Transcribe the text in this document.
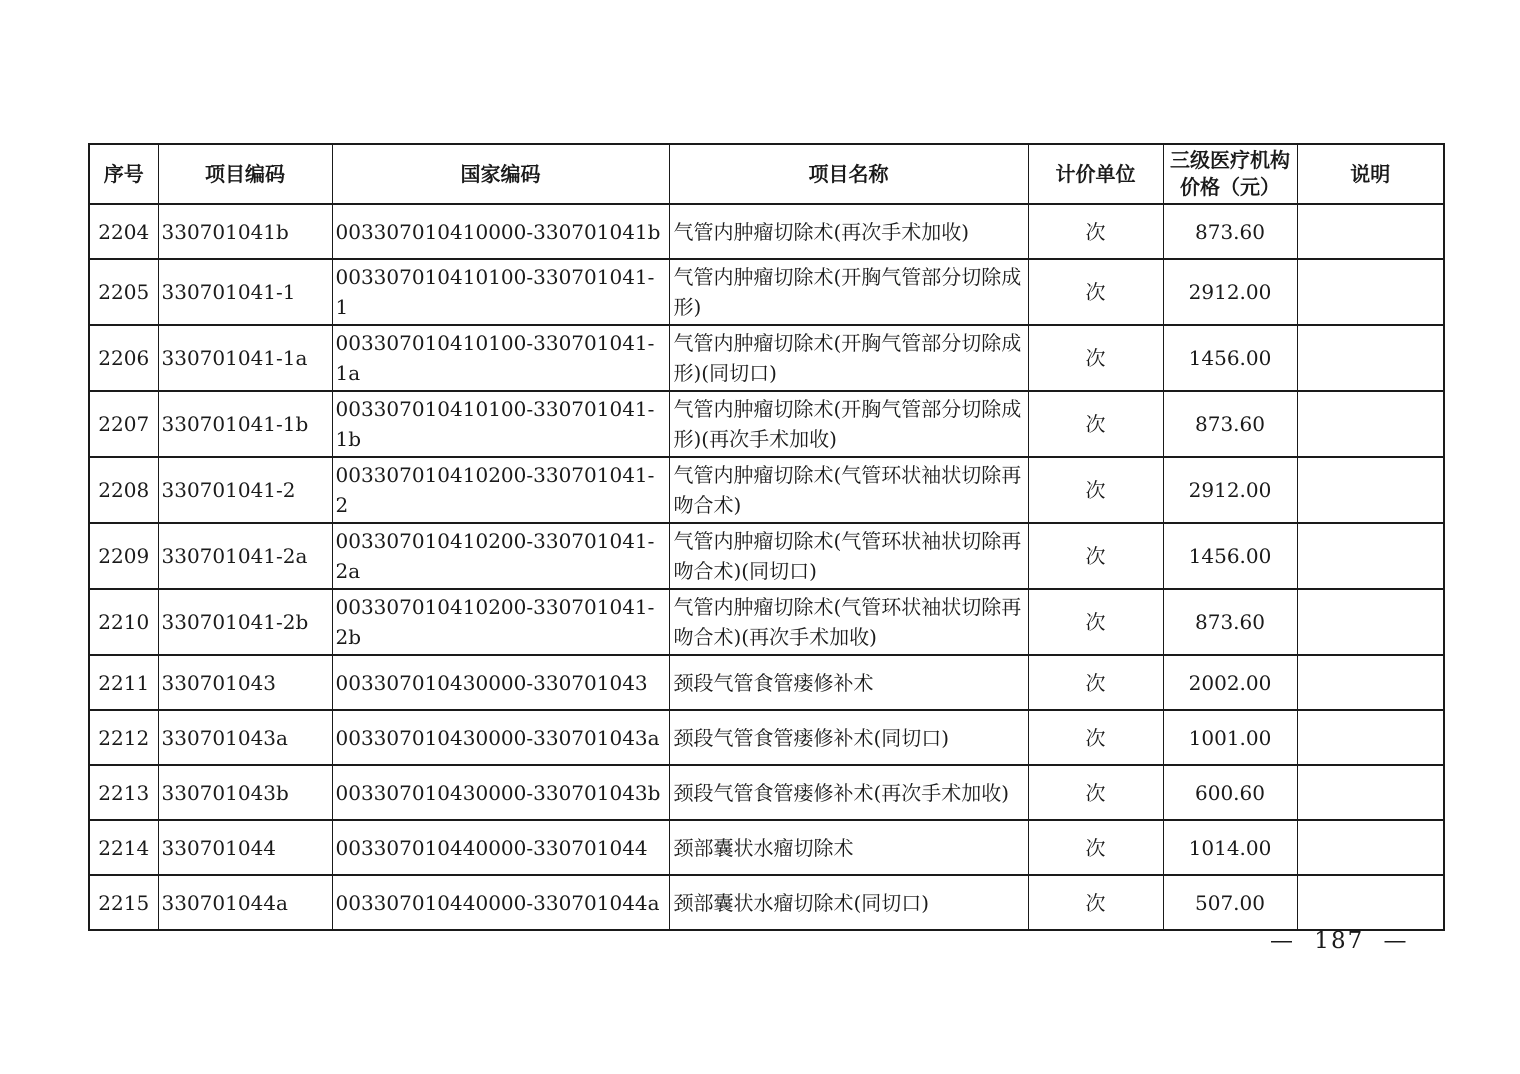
序号	项目编码	国家编码	项目名称	计价单位	三级医疗机构价格（元）	说明
2204	330701041b	003307010410000-330701041b	气管内肿瘤切除术(再次手术加收)	次	873.60	
2205	330701041-1	003307010410100-330701041-1	气管内肿瘤切除术(开胸气管部分切除成形)	次	2912.00	
2206	330701041-1a	003307010410100-330701041-1a	气管内肿瘤切除术(开胸气管部分切除成形)(同切口)	次	1456.00	
2207	330701041-1b	003307010410100-330701041-1b	气管内肿瘤切除术(开胸气管部分切除成形)(再次手术加收)	次	873.60	
2208	330701041-2	003307010410200-330701041-2	气管内肿瘤切除术(气管环状袖状切除再吻合术)	次	2912.00	
2209	330701041-2a	003307010410200-330701041-2a	气管内肿瘤切除术(气管环状袖状切除再吻合术)(同切口)	次	1456.00	
2210	330701041-2b	003307010410200-330701041-2b	气管内肿瘤切除术(气管环状袖状切除再吻合术)(再次手术加收)	次	873.60	
2211	330701043	003307010430000-330701043	颈段气管食管瘘修补术	次	2002.00	
2212	330701043a	003307010430000-330701043a	颈段气管食管瘘修补术(同切口)	次	1001.00	
2213	330701043b	003307010430000-330701043b	颈段气管食管瘘修补术(再次手术加收)	次	600.60	
2214	330701044	003307010440000-330701044	颈部囊状水瘤切除术	次	1014.00	
2215	330701044a	003307010440000-330701044a	颈部囊状水瘤切除术(同切口)	次	507.00	
— 187 —
